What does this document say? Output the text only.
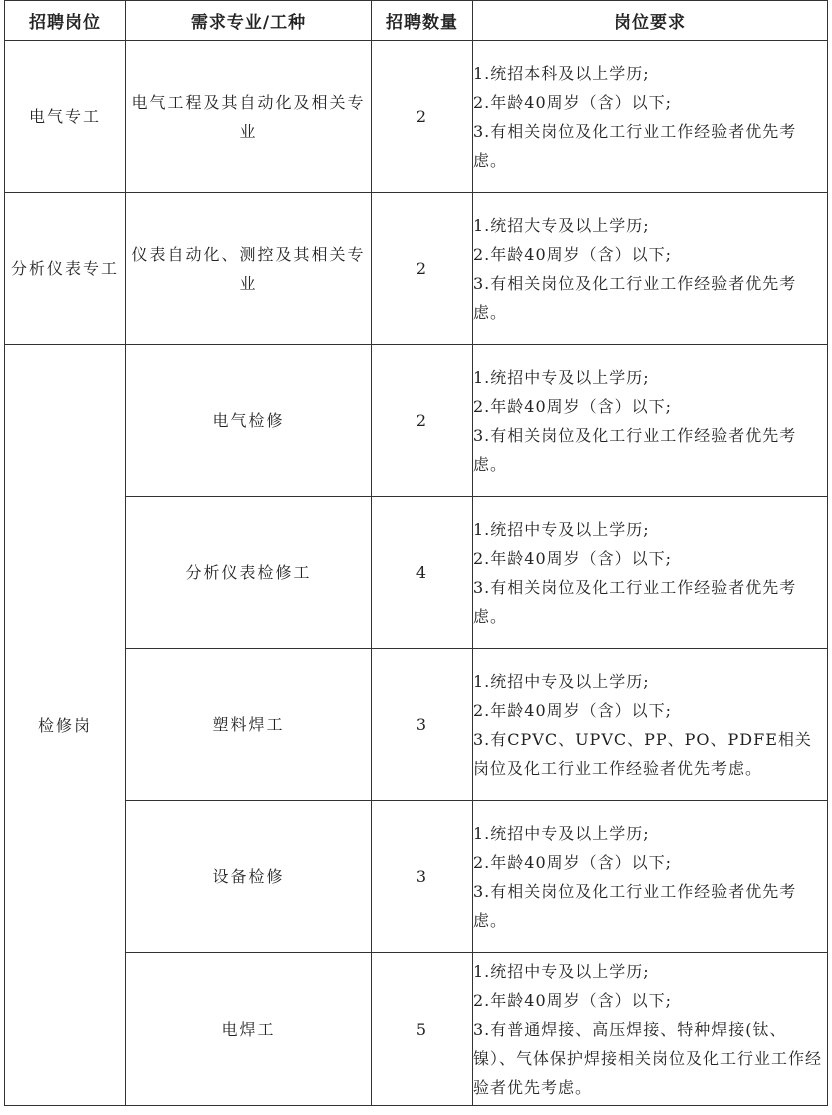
招聘岗位	需求专业/工种	招聘数量	岗位要求
电气专工	电气工程及其自动化及相关专业	2	1.统招本科及以上学历;
2.年龄40周岁（含）以下;
3.有相关岗位及化工行业工作经验者优先考虑。

分析仪表专工	仪表自动化、测控及其相关专业	2	1.统招大专及以上学历;
2.年龄40周岁（含）以下;
3.有相关岗位及化工行业工作经验者优先考虑。

检修岗	电气检修	2	1.统招中专及以上学历;
2.年龄40周岁（含）以下;
3.有相关岗位及化工行业工作经验者优先考虑。

	分析仪表检修工	4	1.统招中专及以上学历;
2.年龄40周岁（含）以下;
3.有相关岗位及化工行业工作经验者优先考虑。

	塑料焊工	3	1.统招中专及以上学历;
2.年龄40周岁（含）以下;
3.有CPVC、UPVC、PP、PO、PDFE相关岗位及化工行业工作经验者优先考虑。

	设备检修	3	1.统招中专及以上学历;
2.年龄40周岁（含）以下;
3.有相关岗位及化工行业工作经验者优先考虑。

	电焊工	5	1.统招中专及以上学历;
2.年龄40周岁（含）以下;
3.有普通焊接、高压焊接、特种焊接(钛、镍）、气体保护焊接相关岗位及化工行业工作经验者优先考虑。
